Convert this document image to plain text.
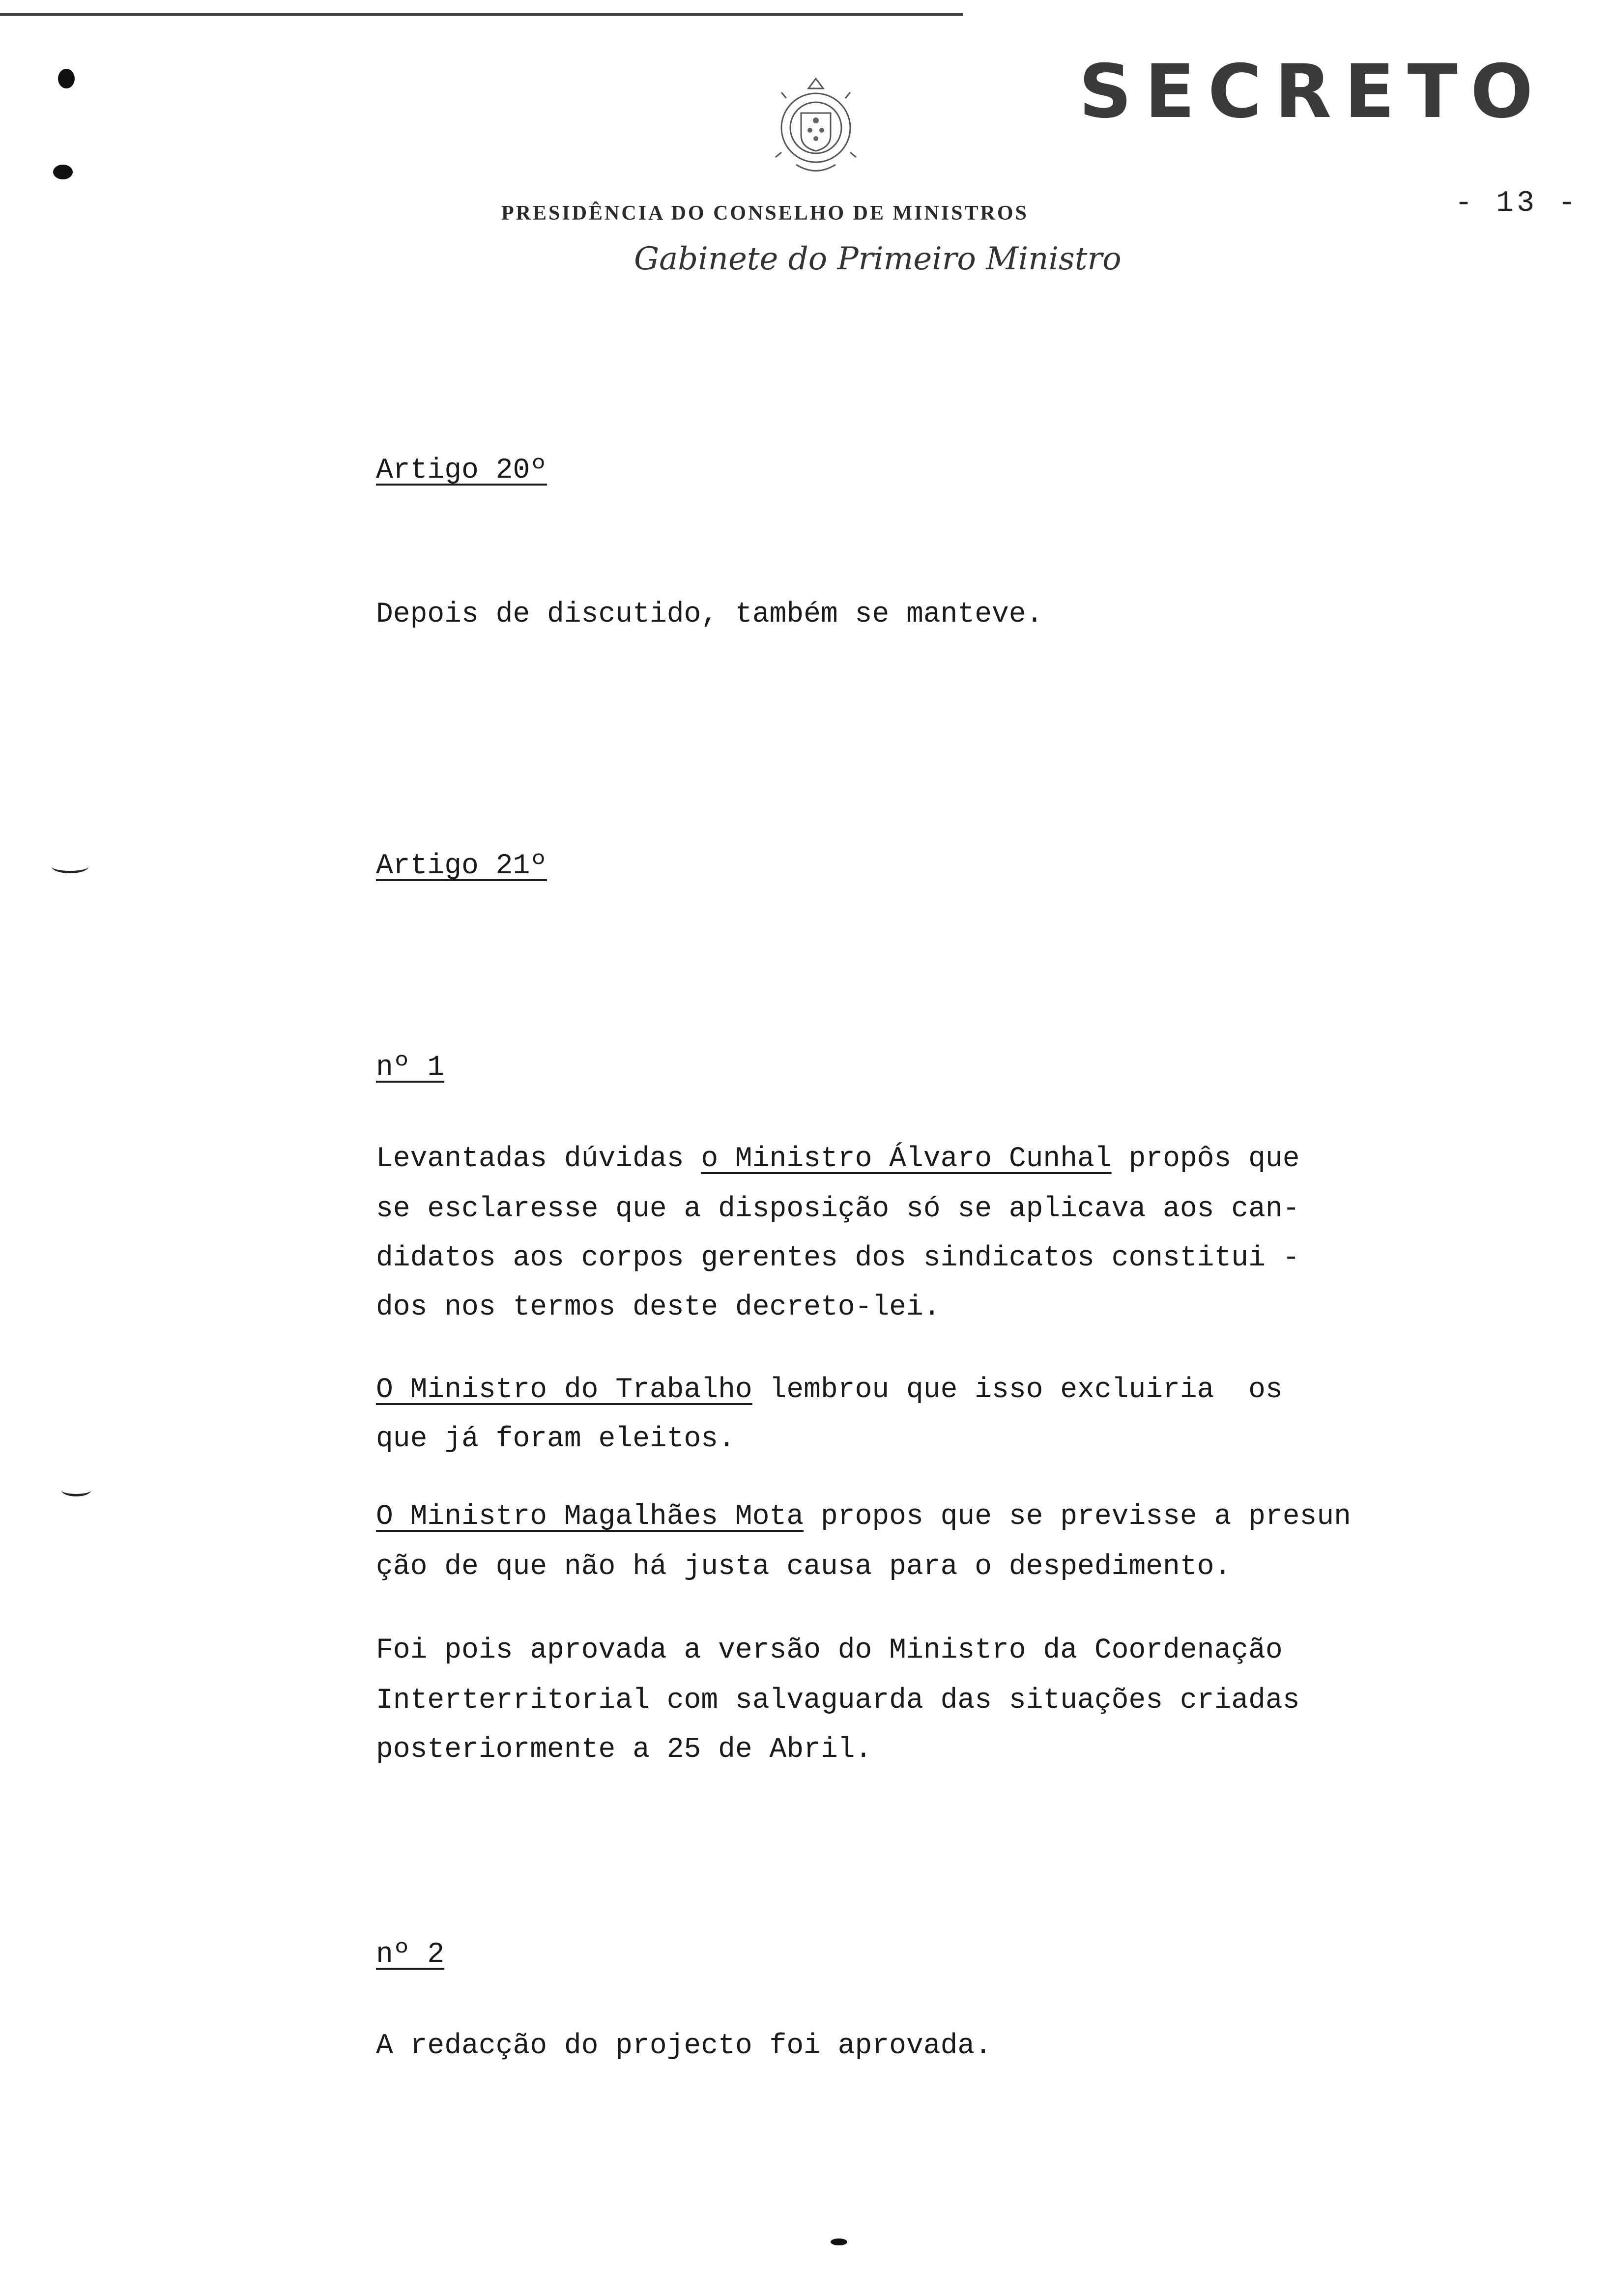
SECRETO
- 13 -
PRESIDÊNCIA DO CONSELHO DE MINISTROS
Gabinete do Primeiro Ministro
Artigo 20º
Depois de discutido, também se manteve.
Artigo 21º
nº 1
Levantadas dúvidas o Ministro Álvaro Cunhal propôs que
se esclaresse que a disposição só se aplicava aos can-
didatos aos corpos gerentes dos sindicatos constitui -
dos nos termos deste decreto-lei.
O Ministro do Trabalho lembrou que isso excluiria  os
que já foram eleitos.
O Ministro Magalhães Mota propos que se previsse a presun
ção de que não há justa causa para o despedimento.
Foi pois aprovada a versão do Ministro da Coordenação
Interterritorial com salvaguarda das situações criadas
posteriormente a 25 de Abril.
nº 2
A redacção do projecto foi aprovada.
